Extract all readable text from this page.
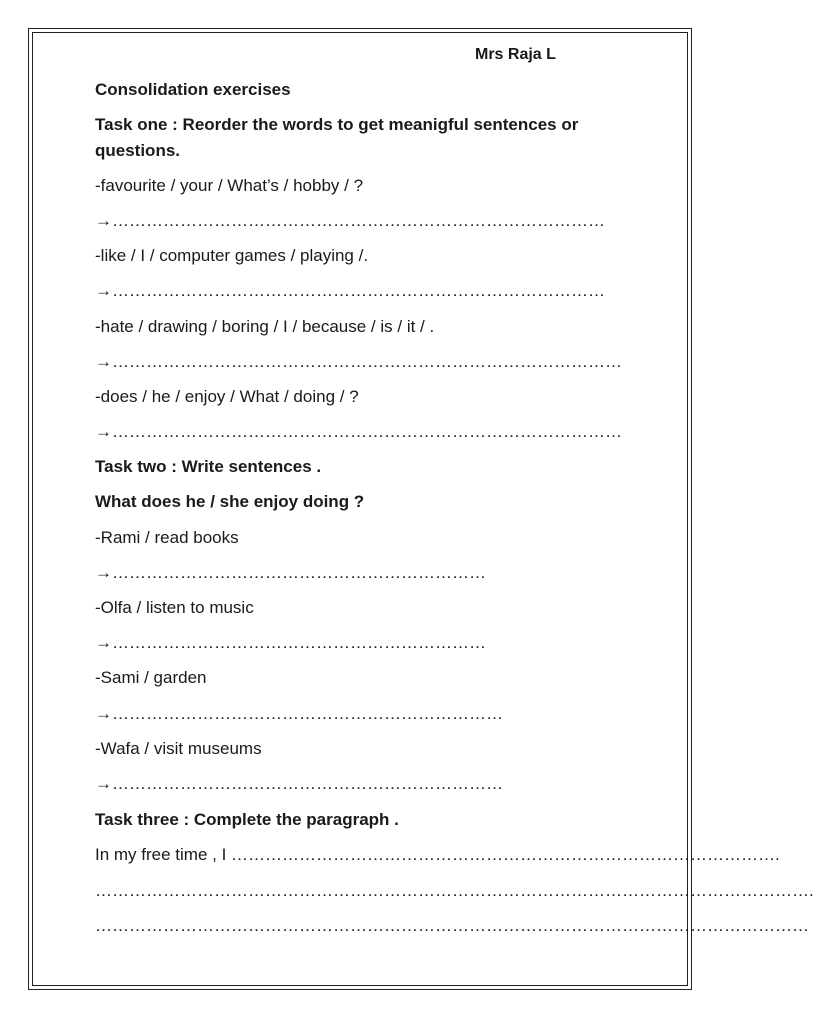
Mrs Raja L
Consolidation exercises
Task one : Reorder the words to get meanigful sentences or questions.
-favourite / your / What’s / hobby / ?
→……………………………………………………………………………
-like / I / computer games / playing /.
→……………………………………………………………………………
-hate / drawing / boring / I / because / is / it / .
→………………………………………………………………………………
-does / he / enjoy / What / doing / ?
→………………………………………………………………………………
Task two : Write sentences .
What does he / she enjoy doing ?
-Rami / read books
→…………………………………………………………
-Olfa / listen to music
→…………………………………………………………
-Sami / garden
→……………………………………………………………
-Wafa / visit museums
→……………………………………………………………
Task three : Complete the paragraph .
In my free time , I …………………………………………………………………………………….
……………………………………………………………………………………………………………….
………………………………………………………………………………………………………………
